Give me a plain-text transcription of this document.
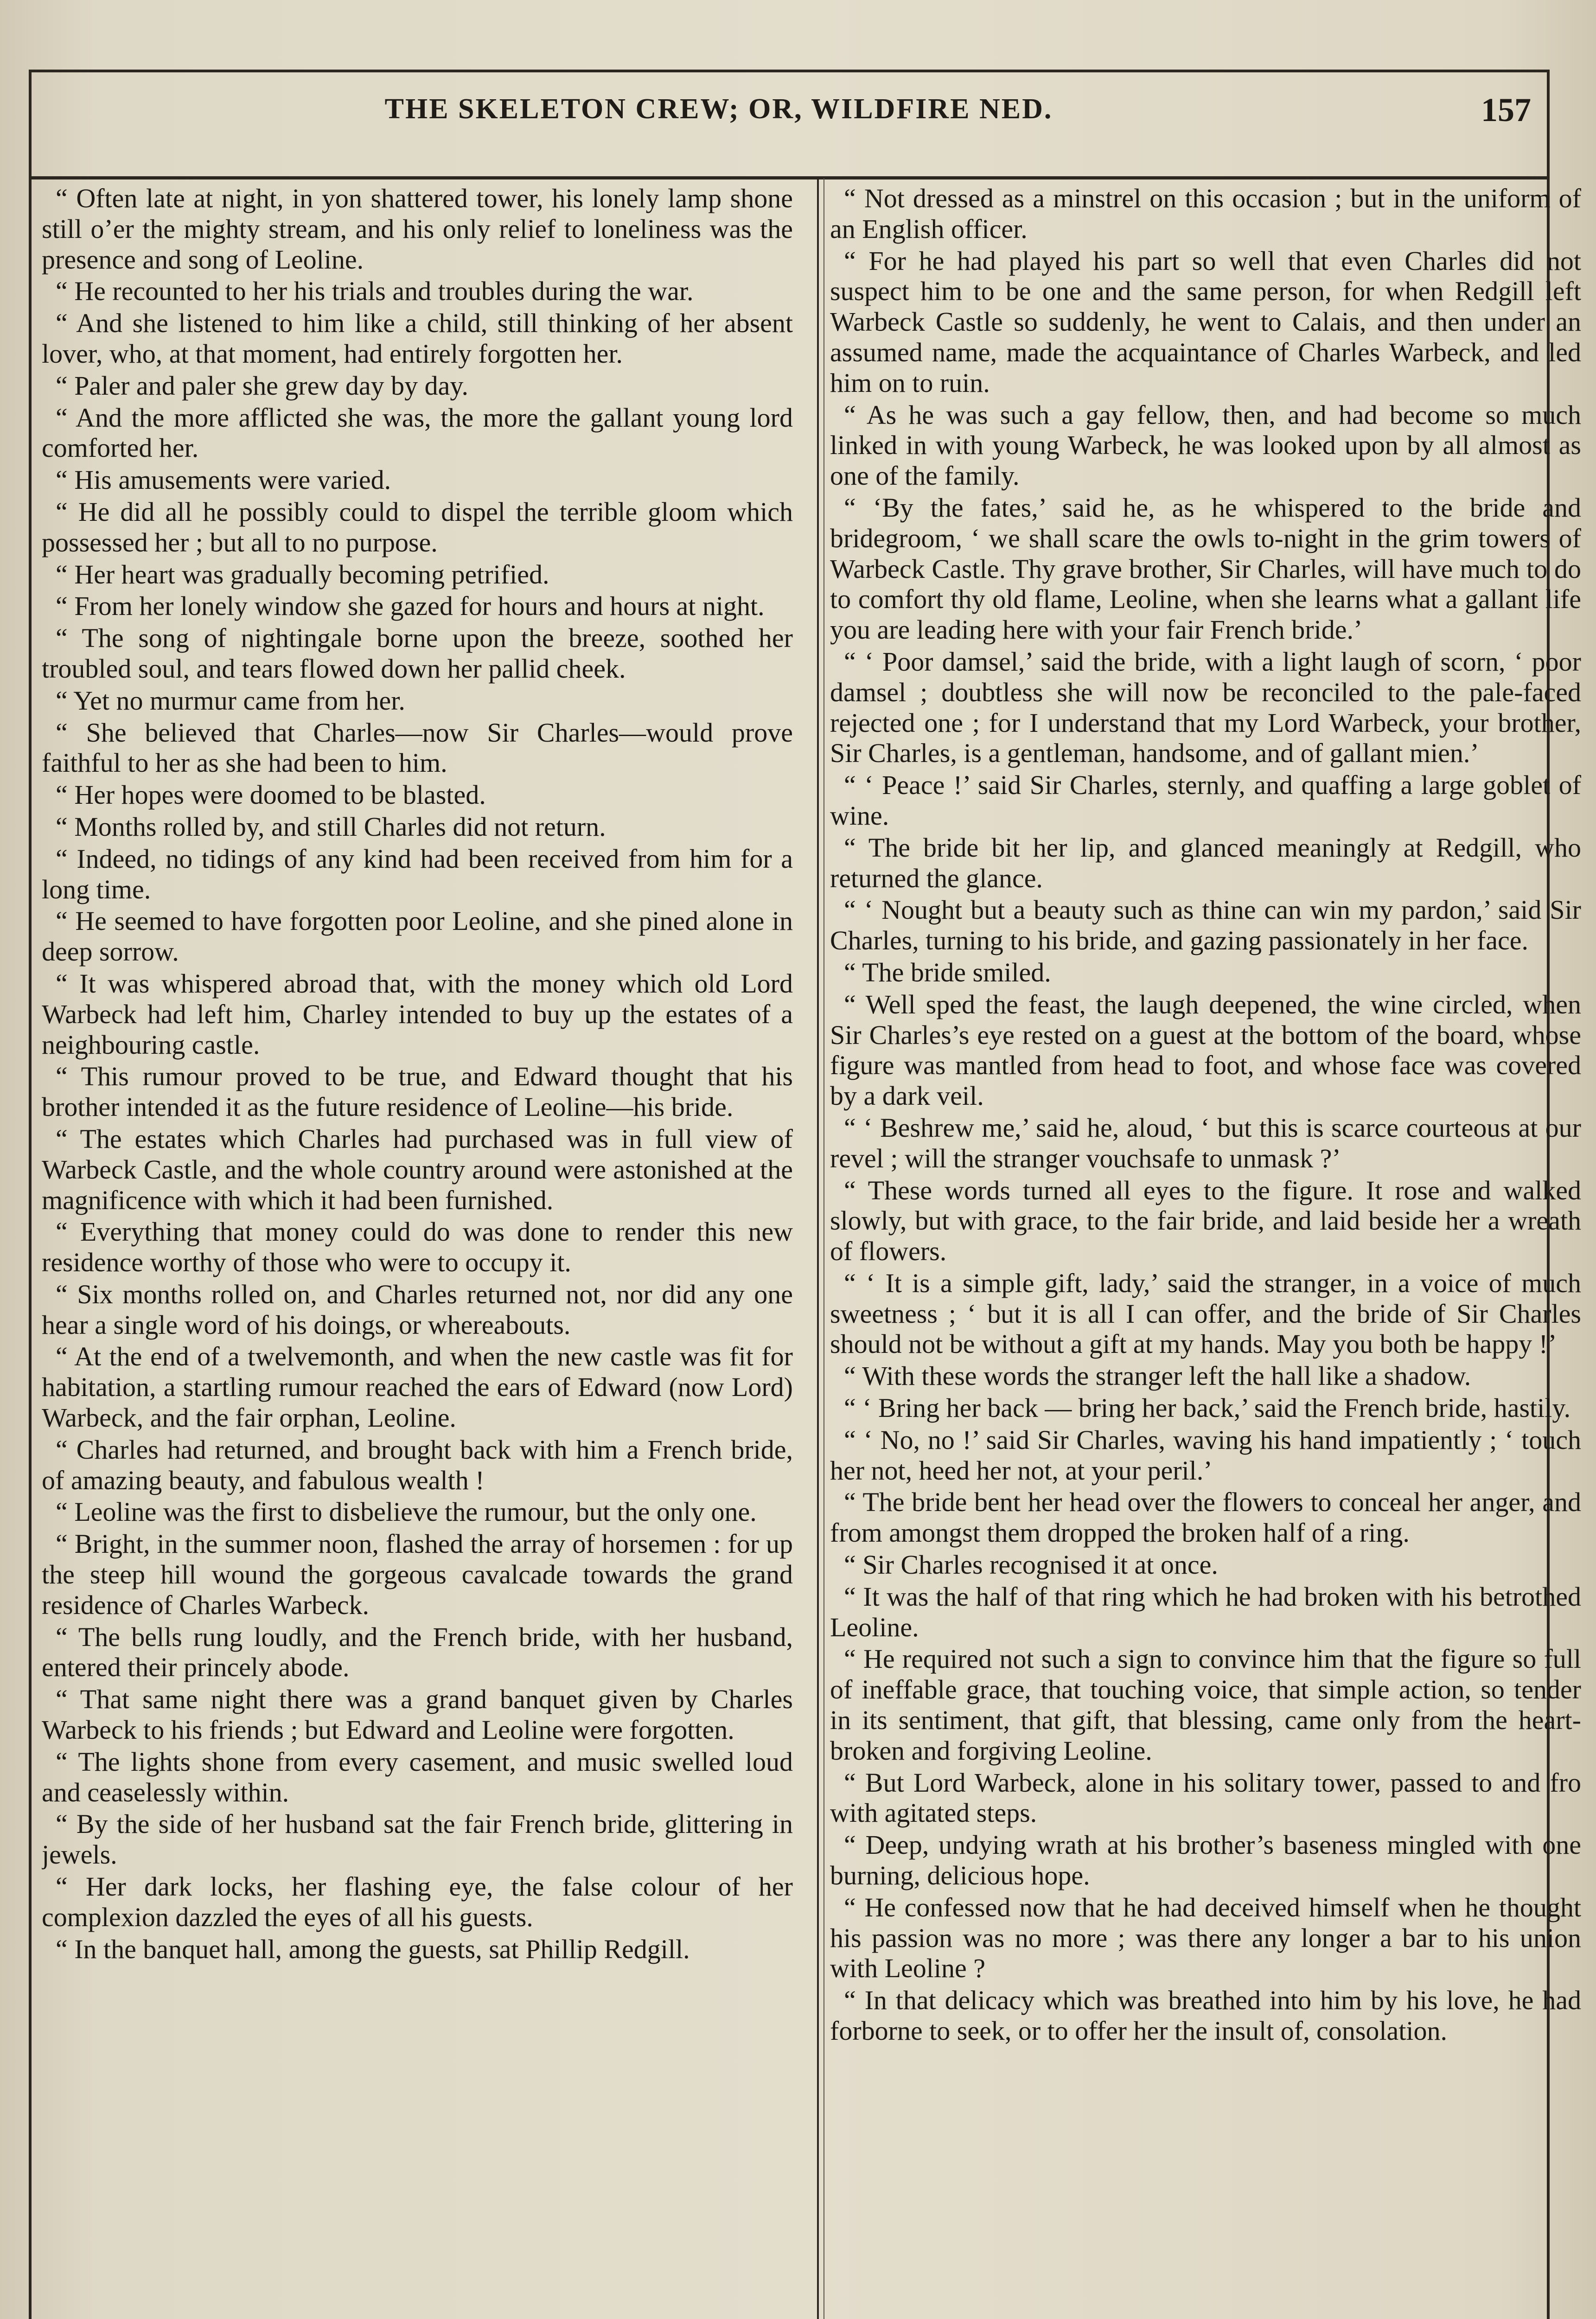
THE SKELETON CREW; OR, WILDFIRE NED.	157

“ Often late at night, in yon shattered tower, his lonely lamp shone still o’er the mighty stream, and his only relief to loneliness was the presence and song of Leoline.

“ He recounted to her his trials and troubles during the war.

“ And she listened to him like a child, still thinking of her absent lover, who, at that moment, had entirely forgotten her.

“ Paler and paler she grew day by day.

“ And the more afflicted she was, the more the gallant young lord comforted her.

“ His amusements were varied.

“ He did all he possibly could to dispel the terrible gloom which possessed her ; but all to no purpose.

“ Her heart was gradually becoming petrified.

“ From her lonely window she gazed for hours and hours at night.

“ The song of nightingale borne upon the breeze, soothed her troubled soul, and tears flowed down her pallid cheek.

“ Yet no murmur came from her.

“ She believed that Charles—now Sir Charles—would prove faithful to her as she had been to him.

“ Her hopes were doomed to be blasted.

“ Months rolled by, and still Charles did not return.

“ Indeed, no tidings of any kind had been received from him for a long time.

“ He seemed to have forgotten poor Leoline, and she pined alone in deep sorrow.

“ It was whispered abroad that, with the money which old Lord Warbeck had left him, Charley intended to buy up the estates of a neighbouring castle.

“ This rumour proved to be true, and Edward thought that his brother intended it as the future residence of Leoline—his bride.

“ The estates which Charles had purchased was in full view of Warbeck Castle, and the whole country around were astonished at the magnificence with which it had been furnished.

“ Everything that money could do was done to render this new residence worthy of those who were to occupy it.

“ Six months rolled on, and Charles returned not, nor did any one hear a single word of his doings, or whereabouts.

“ At the end of a twelvemonth, and when the new castle was fit for habitation, a startling rumour reached the ears of Edward (now Lord) Warbeck, and the fair orphan, Leoline.

“ Charles had returned, and brought back with him a French bride, of amazing beauty, and fabulous wealth !

“ Leoline was the first to disbelieve the rumour, but the only one.

“ Bright, in the summer noon, flashed the array of horsemen : for up the steep hill wound the gorgeous cavalcade towards the grand residence of Charles Warbeck.

“ The bells rung loudly, and the French bride, with her husband, entered their princely abode.

“ That same night there was a grand banquet given by Charles Warbeck to his friends ; but Edward and Leoline were forgotten.

“ The lights shone from every casement, and music swelled loud and ceaselessly within.

“ By the side of her husband sat the fair French bride, glittering in jewels.

“ Her dark locks, her flashing eye, the false colour of her complexion dazzled the eyes of all his guests.

“ In the banquet hall, among the guests, sat Phillip Redgill.

“ Not dressed as a minstrel on this occasion ; but in the uniform of an English officer.

“ For he had played his part so well that even Charles did not suspect him to be one and the same person, for when Redgill left Warbeck Castle so suddenly, he went to Calais, and then under an assumed name, made the acquaintance of Charles Warbeck, and led him on to ruin.

“ As he was such a gay fellow, then, and had become so much linked in with young Warbeck, he was looked upon by all almost as one of the family.

“ ‘By the fates,’ said he, as he whispered to the bride and bridegroom, ‘ we shall scare the owls to-night in the grim towers of Warbeck Castle. Thy grave brother, Sir Charles, will have much to do to comfort thy old flame, Leoline, when she learns what a gallant life you are leading here with your fair French bride.’

“ ‘ Poor damsel,’ said the bride, with a light laugh of scorn, ‘ poor damsel ; doubtless she will now be reconciled to the pale-faced rejected one ; for I understand that my Lord Warbeck, your brother, Sir Charles, is a gentleman, handsome, and of gallant mien.’

“ ‘ Peace !’ said Sir Charles, sternly, and quaffing a large goblet of wine.

“ The bride bit her lip, and glanced meaningly at Redgill, who returned the glance.

“ ‘ Nought but a beauty such as thine can win my pardon,’ said Sir Charles, turning to his bride, and gazing passionately in her face.

“ The bride smiled.

“ Well sped the feast, the laugh deepened, the wine circled, when Sir Charles’s eye rested on a guest at the bottom of the board, whose figure was mantled from head to foot, and whose face was covered by a dark veil.

“ ‘ Beshrew me,’ said he, aloud, ‘ but this is scarce courteous at our revel ; will the stranger vouchsafe to unmask ?’

“ These words turned all eyes to the figure. It rose and walked slowly, but with grace, to the fair bride, and laid beside her a wreath of flowers.

“ ‘ It is a simple gift, lady,’ said the stranger, in a voice of much sweetness ; ‘ but it is all I can offer, and the bride of Sir Charles should not be without a gift at my hands. May you both be happy !’

“ With these words the stranger left the hall like a shadow.

“ ‘ Bring her back — bring her back,’ said the French bride, hastily.

“ ‘ No, no !’ said Sir Charles, waving his hand impatiently ; ‘ touch her not, heed her not, at your peril.’

“ The bride bent her head over the flowers to conceal her anger, and from amongst them dropped the broken half of a ring.

“ Sir Charles recognised it at once.

“ It was the half of that ring which he had broken with his betrothed Leoline.

“ He required not such a sign to convince him that the figure so full of ineffable grace, that touching voice, that simple action, so tender in its sentiment, that gift, that blessing, came only from the heart-broken and forgiving Leoline.

“ But Lord Warbeck, alone in his solitary tower, passed to and fro with agitated steps.

“ Deep, undying wrath at his brother’s baseness mingled with one burning, delicious hope.

“ He confessed now that he had deceived himself when he thought his passion was no more ; was there any longer a bar to his union with Leoline ?

“ In that delicacy which was breathed into him by his love, he had forborne to seek, or to offer her the insult of, consolation.
